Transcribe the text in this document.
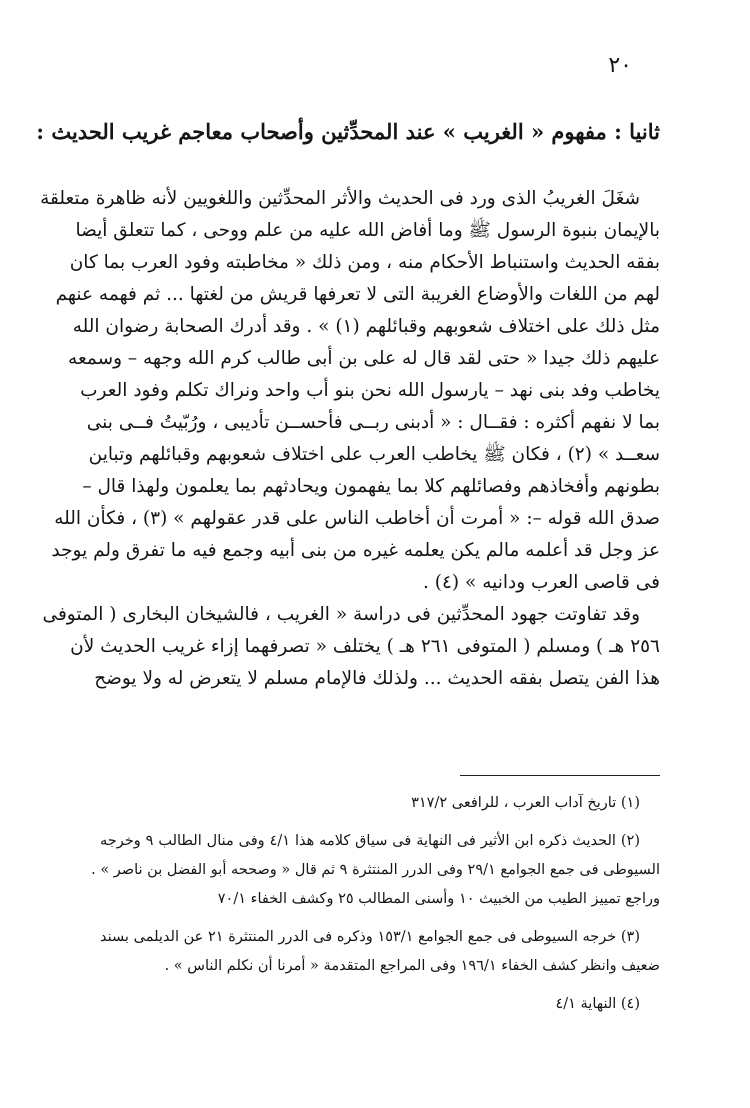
٢٠
ثانيا : مفهوم « الغريب » عند المحدِّثين وأصحاب معاجم غريب الحديث :
شغَلَ الغريبُ الذى ورد فى الحديث والأثر المحدِّثين واللغويين لأنه ظاهرة متعلقة
بالإيمان بنبوة الرسول ﷺ وما أفاض الله عليه من علم ووحى ، كما تتعلق أيضا
بفقه الحديث واستنباط الأحكام منه ، ومن ذلك « مخاطبته وفود العرب بما كان
لهم من اللغات والأوضاع الغريبة التى لا تعرفها قريش من لغتها ... ثم فهمه عنهم
مثل ذلك على اختلاف شعوبهم وقبائلهم (١) » . وقد أدرك الصحابة رضوان الله
عليهم ذلك جيدا « حتى لقد قال له على بن أبى طالب كرم الله وجهه – وسمعه
يخاطب وفد بنى نهد – يارسول الله نحن بنو أب واحد ونراك تكلم وفود العرب
بما لا نفهم أكثره : فقــال : « أدبنى ربــى فأحســن تأديبى ، ورُبّيتُ فــى بنى
سعــد » (٢) ، فكان ﷺ يخاطب العرب على اختلاف شعوبهم وقبائلهم وتباين
بطونهم وأفخاذهم وفصائلهم كلا بما يفهمون ويحادثهم بما يعلمون ولهذا قال –
صدق الله قوله –: « أمرت أن أخاطب الناس على قدر عقولهم » (٣) ، فكأن الله
عز وجل قد أعلمه مالم يكن يعلمه غيره من بنى أبيه وجمع فيه ما تفرق ولم يوجد
فى قاصى العرب ودانيه » (٤) .
وقد تفاوتت جهود المحدِّثين فى دراسة « الغريب ، فالشيخان البخارى ( المتوفى
٢٥٦ هـ ) ومسلم ( المتوفى ٢٦١ هـ ) يختلف « تصرفهما إزاء غريب الحديث لأن
هذا الفن يتصل بفقه الحديث ... ولذلك فالإمام مسلم لا يتعرض له ولا يوضح
(١) تاريخ آداب العرب ، للرافعى ٣١٧/٢
(٢) الحديث ذكره ابن الأثير فى النهاية فى سياق كلامه هذا ٤/١ وفى منال الطالب ٩ وخرجه
السيوطى فى جمع الجوامع ٢٩/١ وفى الدرر المنتثرة ٩ ثم قال « وصححه أبو الفضل بن ناصر » .
وراجع تمييز الطيب من الخبيث ١٠ وأسنى المطالب ٢٥ وكشف الخفاء ٧٠/١
(٣) خرجه السيوطى فى جمع الجوامع ١٥٣/١ وذكره فى الدرر المنتثرة ٢١ عن الديلمى بسند
ضعيف وانظر كشف الخفاء ١٩٦/١ وفى المراجع المتقدمة « أمرنا أن نكلم الناس » .
(٤) النهاية ٤/١
